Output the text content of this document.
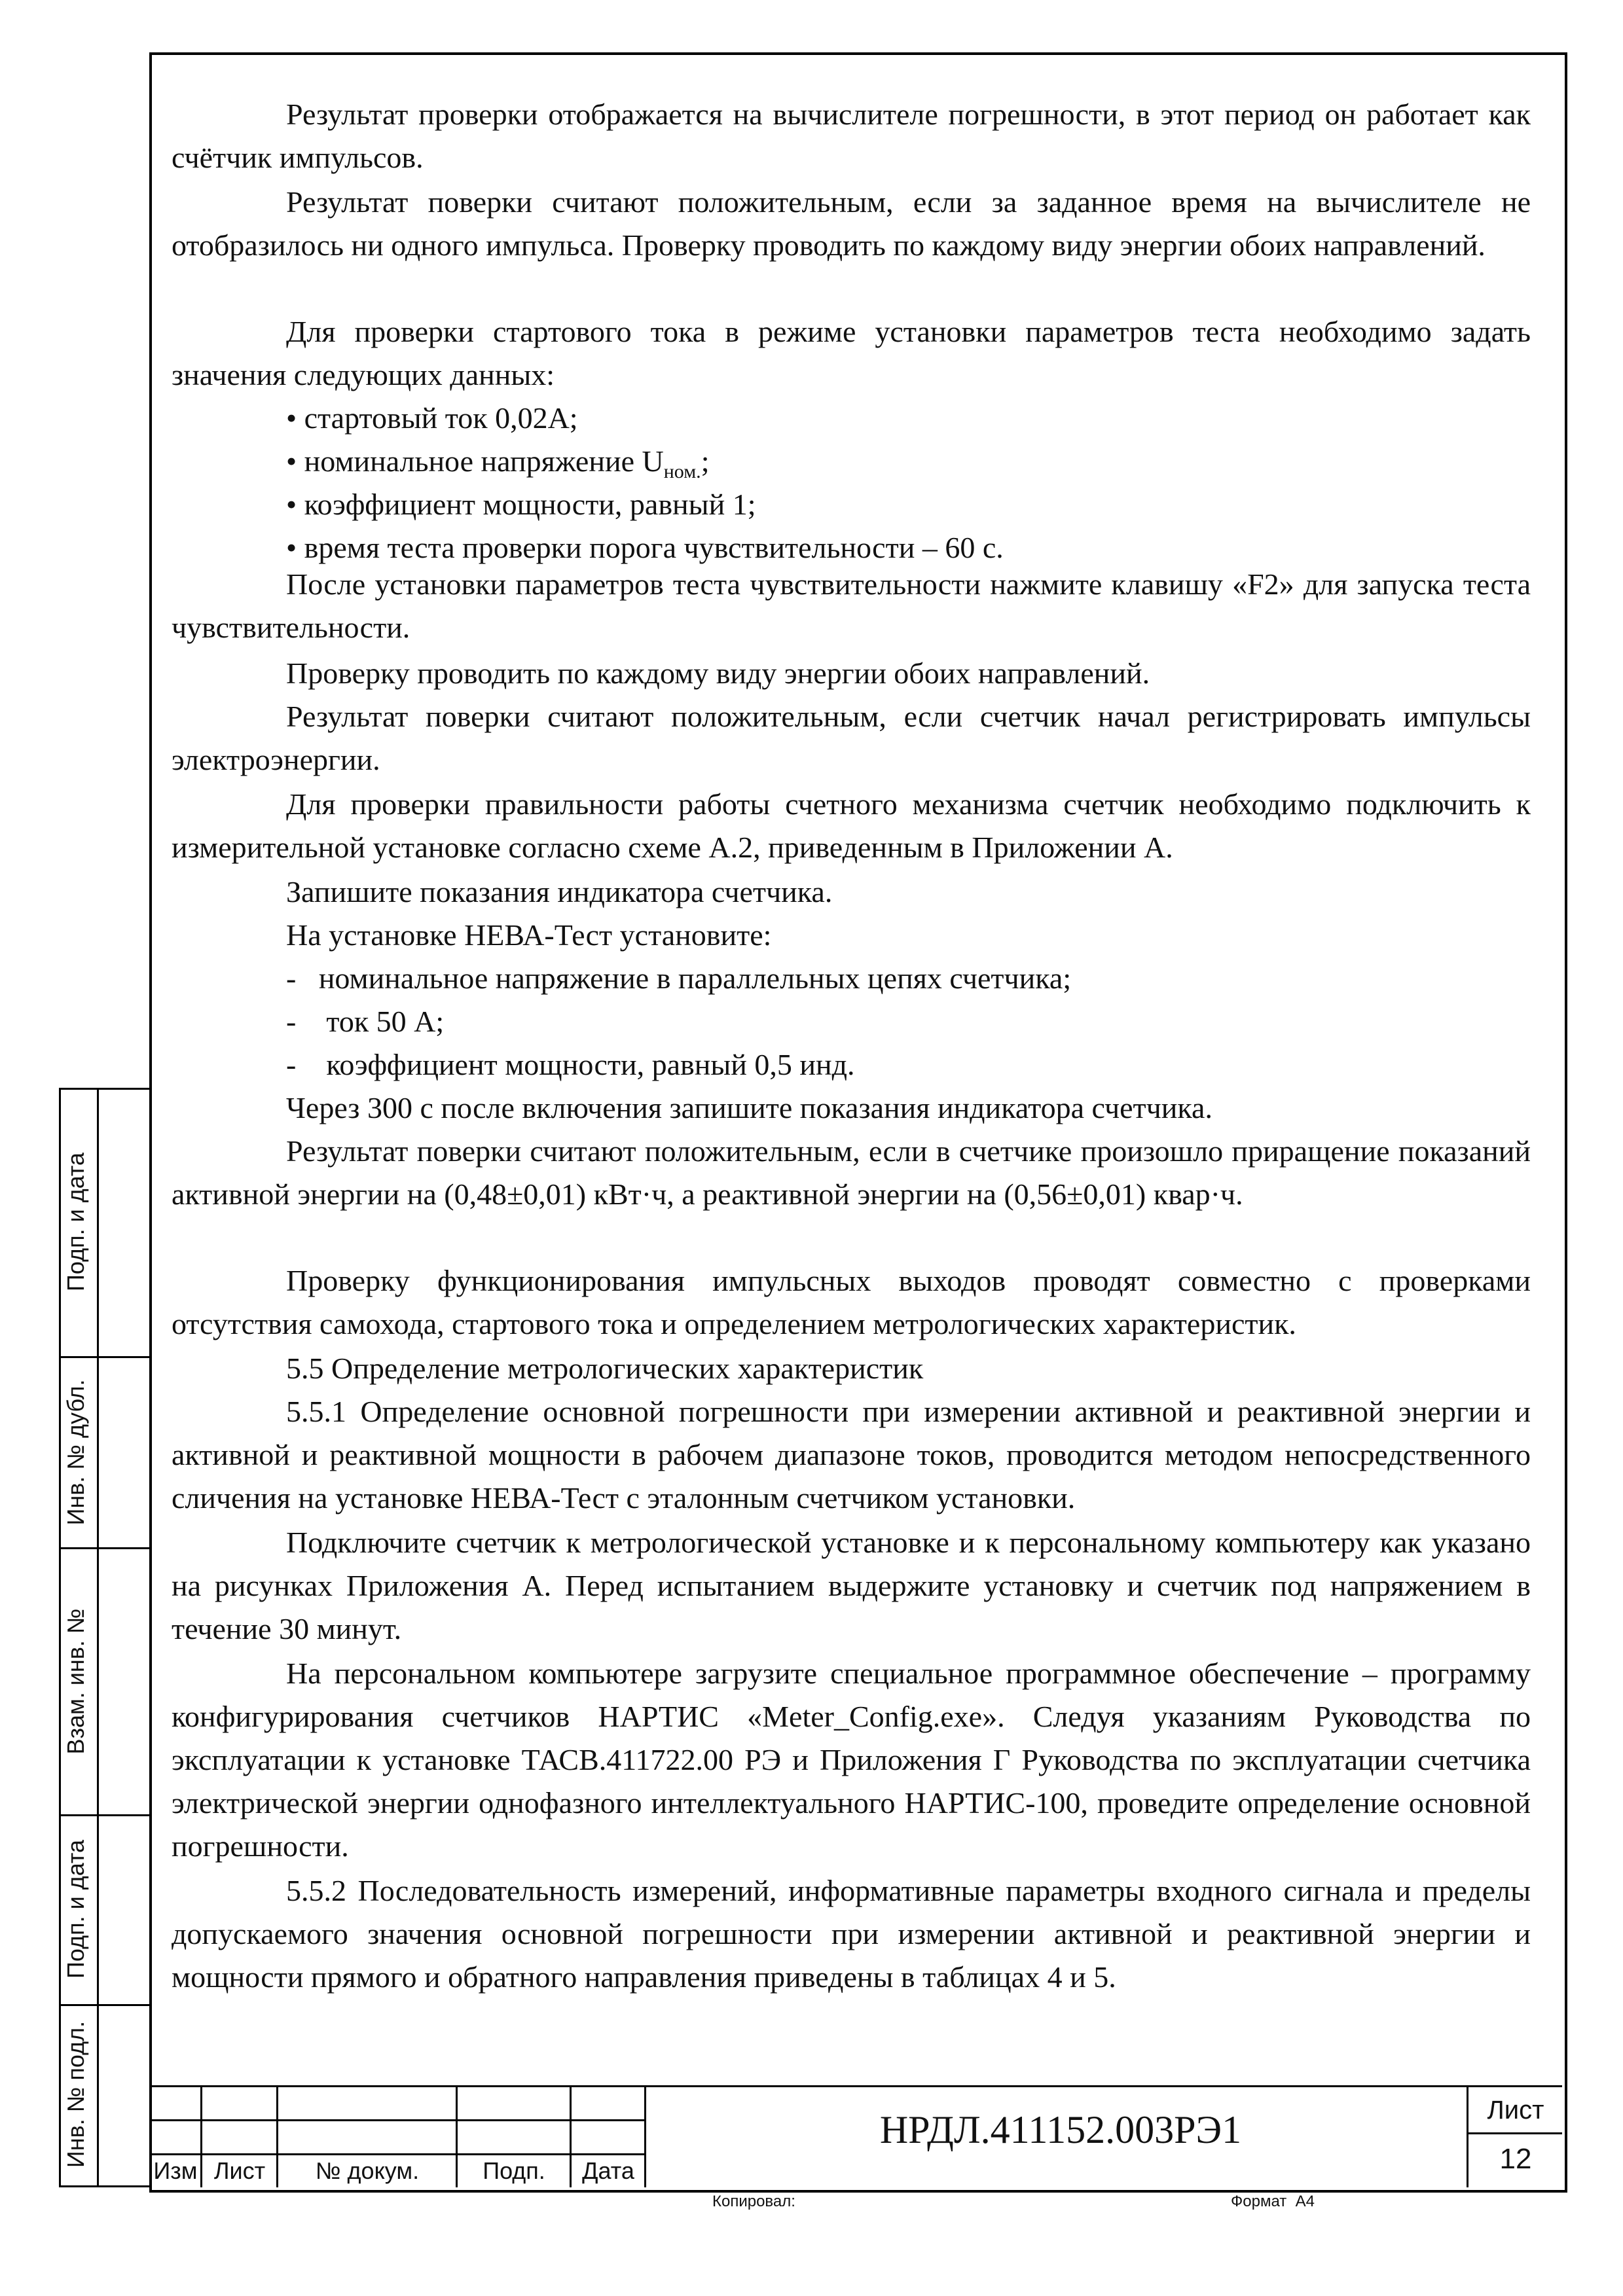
Подп. и дата
Инв. № дубл.
Взам. инв. №
Подп. и дата
Инв. № подл.

Результат проверки отображается на вычислителе погрешности, в этот период он работает как счётчик импульсов.

Результат поверки считают положительным, если за заданное время на вычислителе не отобразилось ни одного импульса. Проверку проводить по каждому виду энергии обоих направлений.

Для проверки стартового тока в режиме установки параметров теста необходимо задать значения следующих данных:

• стартовый ток 0,02А;
• номинальное напряжение $U_{ном.}$;
• коэффициент мощности, равный 1;
• время теста проверки порога чувствительности – 60 с.

После установки параметров теста чувствительности нажмите клавишу «F2» для запуска теста чувствительности.

Проверку проводить по каждому виду энергии обоих направлений.

Результат поверки считают положительным, если счетчик начал регистрировать импульсы электроэнергии.

Для проверки правильности работы счетного механизма счетчик необходимо подключить к измерительной установке согласно схеме А.2, приведенным в Приложении А.

Запишите показания индикатора счетчика.

На установке НЕВА-Тест установите:

-   номинальное напряжение в параллельных цепях счетчика;
-    ток 50 А;
-    коэффициент мощности, равный 0,5 инд.

Через 300 с после включения запишите показания индикатора счетчика.

Результат поверки считают положительным, если в счетчике произошло приращение показаний активной энергии на (0,48±0,01) кВт·ч, а реактивной энергии на (0,56±0,01) квар·ч.

Проверку функционирования импульсных выходов проводят совместно с проверками отсутствия самохода, стартового тока и определением метрологических характеристик.

5.5 Определение метрологических характеристик

5.5.1 Определение основной погрешности при измерении активной и реактивной энергии и активной и реактивной мощности в рабочем диапазоне токов, проводится методом непосредственного сличения на установке НЕВА-Тест с эталонным счетчиком установки.

Подключите счетчик к метрологической установке и к персональному компьютеру как указано на рисунках Приложения А. Перед испытанием выдержите установку и счетчик под напряжением в течение 30 минут.

На персональном компьютере загрузите специальное программное обеспечение – программу конфигурирования счетчиков НАРТИС «Meter_Config.exe». Следуя указаниям Руководства по эксплуатации к установке ТАСВ.411722.00 РЭ и Приложения Г Руководства по эксплуатации счетчика электрической энергии однофазного интеллектуального НАРТИС-100, проведите определение основной погрешности.

5.5.2 Последовательность измерений, информативные параметры входного сигнала и пределы допускаемого значения основной погрешности при измерении активной и реактивной энергии и мощности прямого и обратного направления приведены в таблицах 4 и 5.

Изм Лист	№ докум.	Подп.	Дата
НРДЛ.411152.003РЭ1	Лист
12
Копировал:	Формат  А4
